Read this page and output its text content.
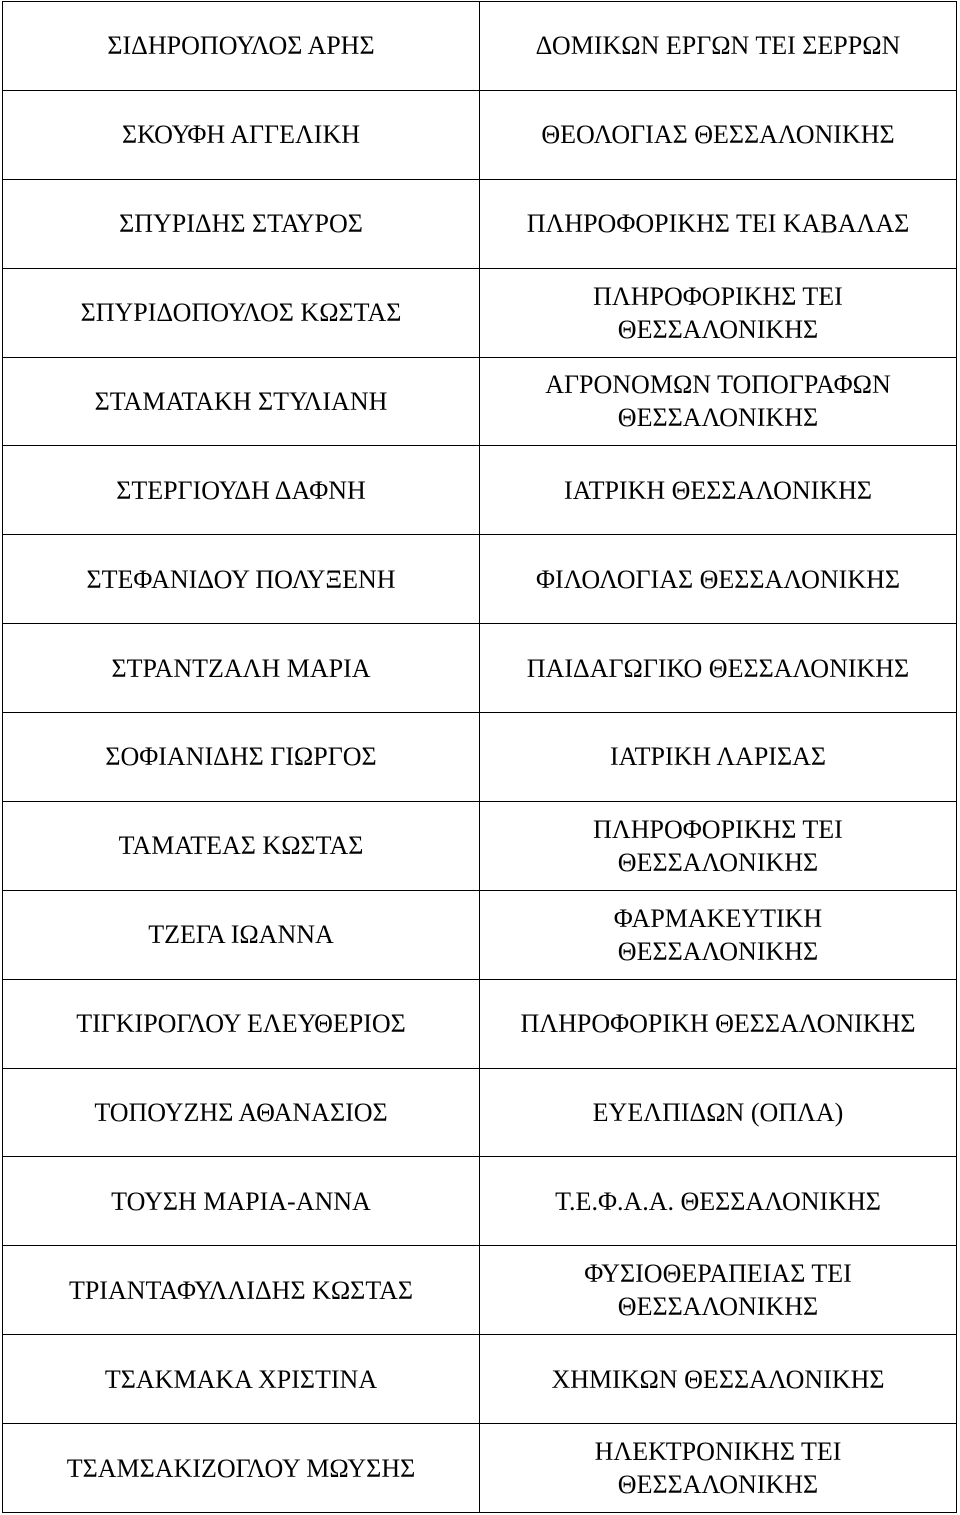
ΣΙΔΗΡΟΠΟΥΛΟΣ ΑΡΗΣ	ΔΟΜΙΚΩΝ ΕΡΓΩΝ ΤΕΙ ΣΕΡΡΩΝ
ΣΚΟΥΦΗ ΑΓΓΕΛΙΚΗ	ΘΕΟΛΟΓΙΑΣ ΘΕΣΣΑΛΟΝΙΚΗΣ
ΣΠΥΡΙΔΗΣ ΣΤΑΥΡΟΣ	ΠΛΗΡΟΦΟΡΙΚΗΣ ΤΕΙ ΚΑΒΑΛΑΣ
ΣΠΥΡΙΔΟΠΟΥΛΟΣ ΚΩΣΤΑΣ	ΠΛΗΡΟΦΟΡΙΚΗΣ ΤΕΙ
ΘΕΣΣΑΛΟΝΙΚΗΣ
ΣΤΑΜΑΤΑΚΗ ΣΤΥΛΙΑΝΗ	ΑΓΡΟΝΟΜΩΝ ΤΟΠΟΓΡΑΦΩΝ
ΘΕΣΣΑΛΟΝΙΚΗΣ
ΣΤΕΡΓΙΟΥΔΗ ΔΑΦΝΗ	ΙΑΤΡΙΚΗ ΘΕΣΣΑΛΟΝΙΚΗΣ
ΣΤΕΦΑΝΙΔΟΥ ΠΟΛΥΞΕΝΗ	ΦΙΛΟΛΟΓΙΑΣ ΘΕΣΣΑΛΟΝΙΚΗΣ
ΣΤΡΑΝΤΖΑΛΗ ΜΑΡΙΑ	ΠΑΙΔΑΓΩΓΙΚΟ ΘΕΣΣΑΛΟΝΙΚΗΣ
ΣΟΦΙΑΝΙΔΗΣ ΓΙΩΡΓΟΣ	ΙΑΤΡΙΚΗ ΛΑΡΙΣΑΣ
ΤΑΜΑΤΕΑΣ ΚΩΣΤΑΣ	ΠΛΗΡΟΦΟΡΙΚΗΣ ΤΕΙ
ΘΕΣΣΑΛΟΝΙΚΗΣ
ΤΖΕΓΑ ΙΩΑΝΝΑ	ΦΑΡΜΑΚΕΥΤΙΚΗ
ΘΕΣΣΑΛΟΝΙΚΗΣ
ΤΙΓΚΙΡΟΓΛΟΥ ΕΛΕΥΘΕΡΙΟΣ	ΠΛΗΡΟΦΟΡΙΚΗ ΘΕΣΣΑΛΟΝΙΚΗΣ
ΤΟΠΟΥΖΗΣ ΑΘΑΝΑΣΙΟΣ	ΕΥΕΛΠΙΔΩΝ (ΟΠΛΑ)
ΤΟΥΣΗ ΜΑΡΙΑ-ΑΝΝΑ	Τ.Ε.Φ.Α.Α. ΘΕΣΣΑΛΟΝΙΚΗΣ
ΤΡΙΑΝΤΑΦΥΛΛΙΔΗΣ ΚΩΣΤΑΣ	ΦΥΣΙΟΘΕΡΑΠΕΙΑΣ ΤΕΙ
ΘΕΣΣΑΛΟΝΙΚΗΣ
ΤΣΑΚΜΑΚΑ ΧΡΙΣΤΙΝΑ	ΧΗΜΙΚΩΝ ΘΕΣΣΑΛΟΝΙΚΗΣ
ΤΣΑΜΣΑΚΙΖΟΓΛΟΥ ΜΩΥΣΗΣ	ΗΛΕΚΤΡΟΝΙΚΗΣ ΤΕΙ
ΘΕΣΣΑΛΟΝΙΚΗΣ
